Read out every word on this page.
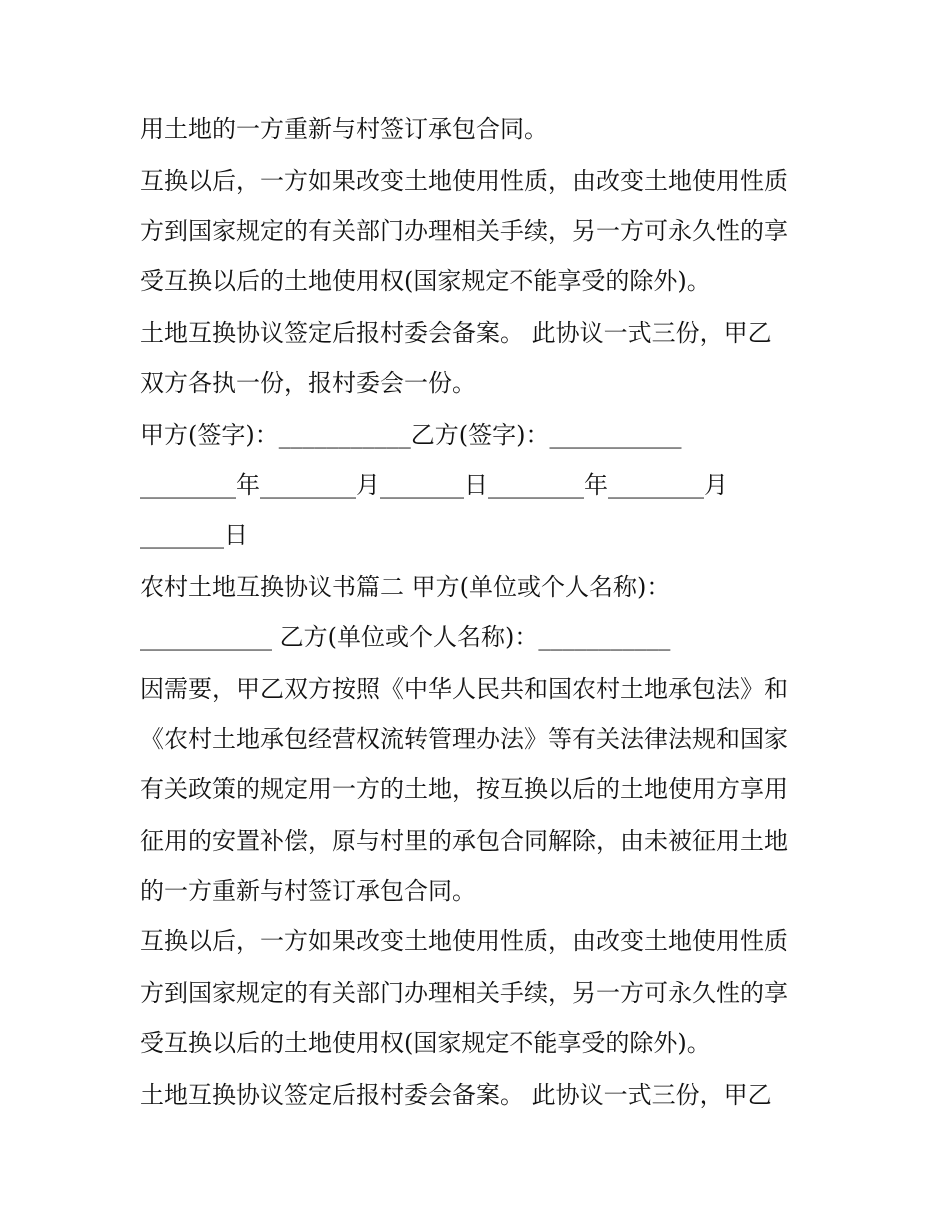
用土地的一方重新与村签订承包合同。

互换以后，一方如果改变土地使用性质，由改变土地使用性质

方到国家规定的有关部门办理相关手续，另一方可永久性的享

受互换以后的土地使用权(国家规定不能享受的除外)。

土地互换协议签定后报村委会备案。 此协议一式三份，甲乙

双方各执一份，报村委会一份。

甲方(签字)：___________乙方(签字)：___________

________年________月_______日________年________月

_______日

农村土地互换协议书篇二 甲方(单位或个人名称)：

___________ 乙方(单位或个人名称)：___________

因需要，甲乙双方按照《中华人民共和国农村土地承包法》和

《农村土地承包经营权流转管理办法》等有关法律法规和国家

有关政策的规定用一方的土地，按互换以后的土地使用方享用

征用的安置补偿，原与村里的承包合同解除，由未被征用土地

的一方重新与村签订承包合同。

互换以后，一方如果改变土地使用性质，由改变土地使用性质

方到国家规定的有关部门办理相关手续，另一方可永久性的享

受互换以后的土地使用权(国家规定不能享受的除外)。

土地互换协议签定后报村委会备案。 此协议一式三份，甲乙
